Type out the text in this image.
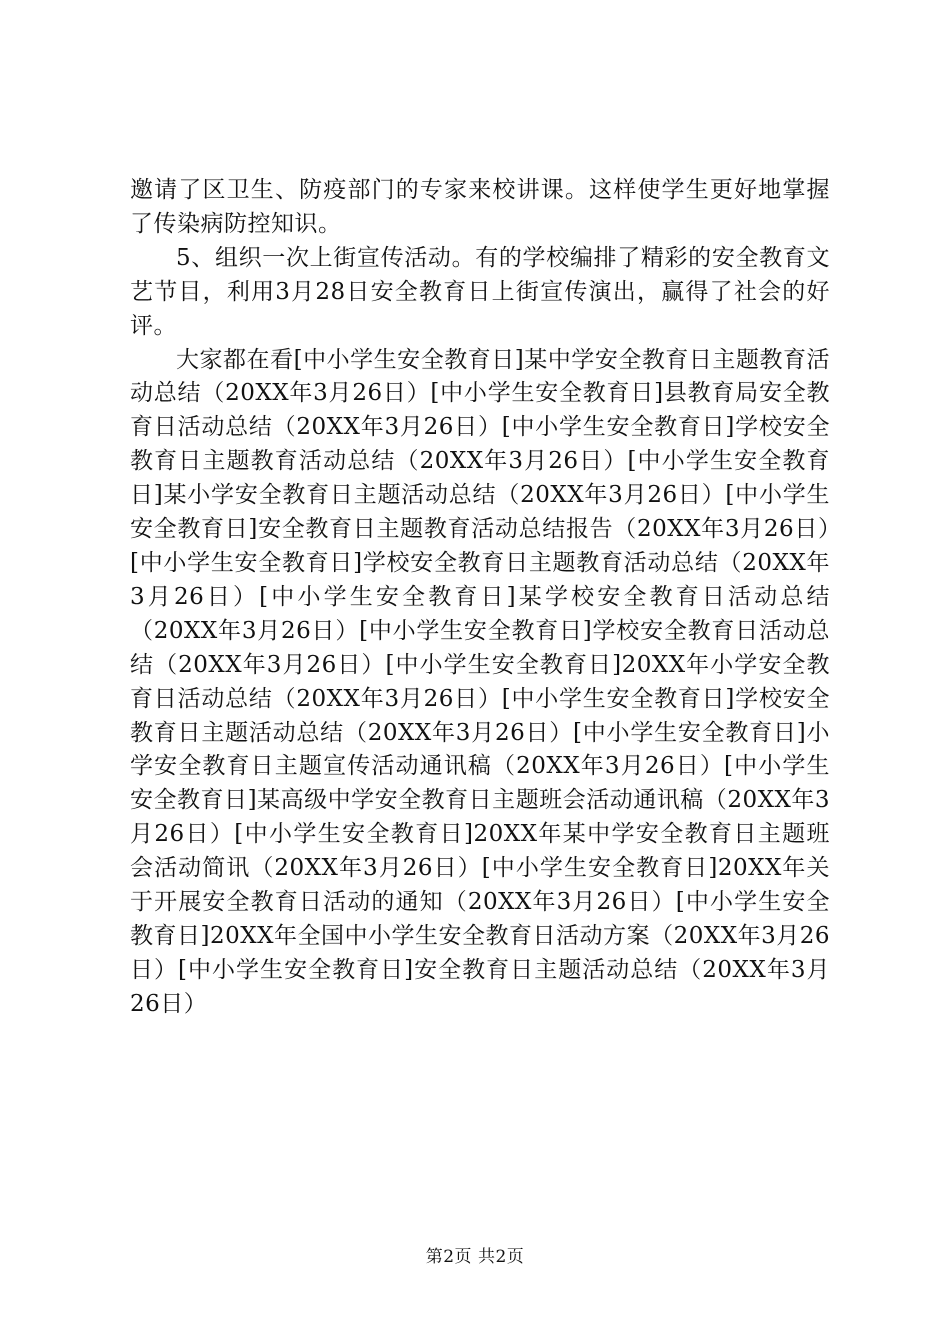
邀请了区卫生、防疫部门的专家来校讲课。这样使学生更好地掌握了传染病防控知识。

5、组织一次上街宣传活动。有的学校编排了精彩的安全教育文艺节目，利用3月28日安全教育日上街宣传演出，赢得了社会的好评。

大家都在看[中小学生安全教育日]某中学安全教育日主题教育活动总结（20XX年3月26日）[中小学生安全教育日]县教育局安全教育日活动总结（20XX年3月26日）[中小学生安全教育日]学校安全教育日主题教育活动总结（20XX年3月26日）[中小学生安全教育日]某小学安全教育日主题活动总结（20XX年3月26日）[中小学生安全教育日]安全教育日主题教育活动总结报告（20XX年3月26日）[中小学生安全教育日]学校安全教育日主题教育活动总结（20XX年3月26日）[中小学生安全教育日]某学校安全教育日活动总结（20XX年3月26日）[中小学生安全教育日]学校安全教育日活动总结（20XX年3月26日）[中小学生安全教育日]20XX年小学安全教育日活动总结（20XX年3月26日）[中小学生安全教育日]学校安全教育日主题活动总结（20XX年3月26日）[中小学生安全教育日]小学安全教育日主题宣传活动通讯稿（20XX年3月26日）[中小学生安全教育日]某高级中学安全教育日主题班会活动通讯稿（20XX年3月26日）[中小学生安全教育日]20XX年某中学安全教育日主题班会活动简讯（20XX年3月26日）[中小学生安全教育日]20XX年关于开展安全教育日活动的通知（20XX年3月26日）[中小学生安全教育日]20XX年全国中小学生安全教育日活动方案（20XX年3月26日）[中小学生安全教育日]安全教育日主题活动总结（20XX年3月26日）

第2页 共2页
